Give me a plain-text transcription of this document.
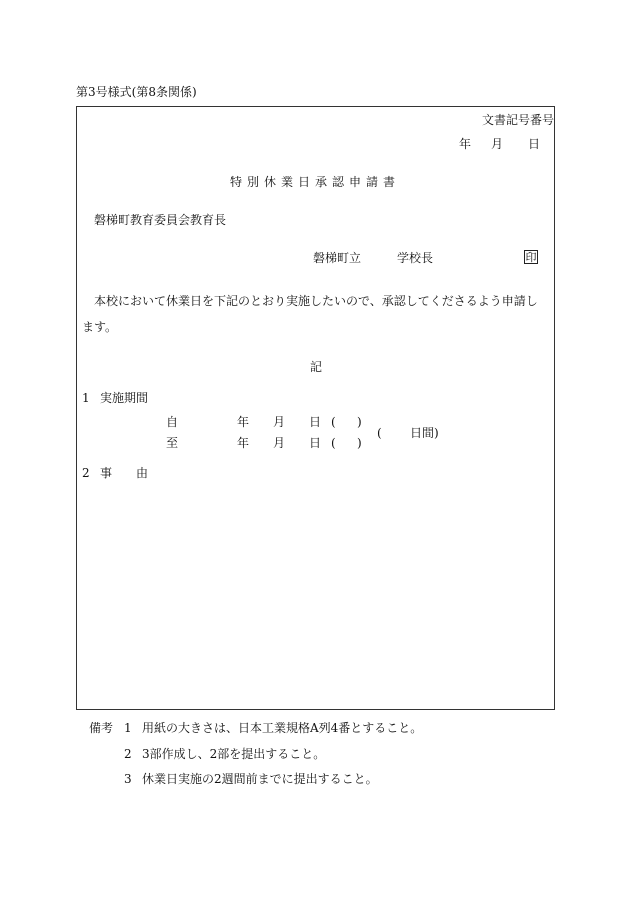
第3号様式(第8条関係)
文書記号番号
年 月 日
特別休業日承認申請書
磐梯町教育委員会教育長
磐梯町立	学校長	印
本校において休業日を下記のとおり実施したいので、承認してくださるよう申請します。
記
1 実施期間
自	年 月 日 ( )
至	年 月 日 ( )
( 日間)
2 事　　由
備考 1 用紙の大きさは、日本工業規格A列4番とすること。
2 3部作成し、2部を提出すること。
3 休業日実施の2週間前までに提出すること。
